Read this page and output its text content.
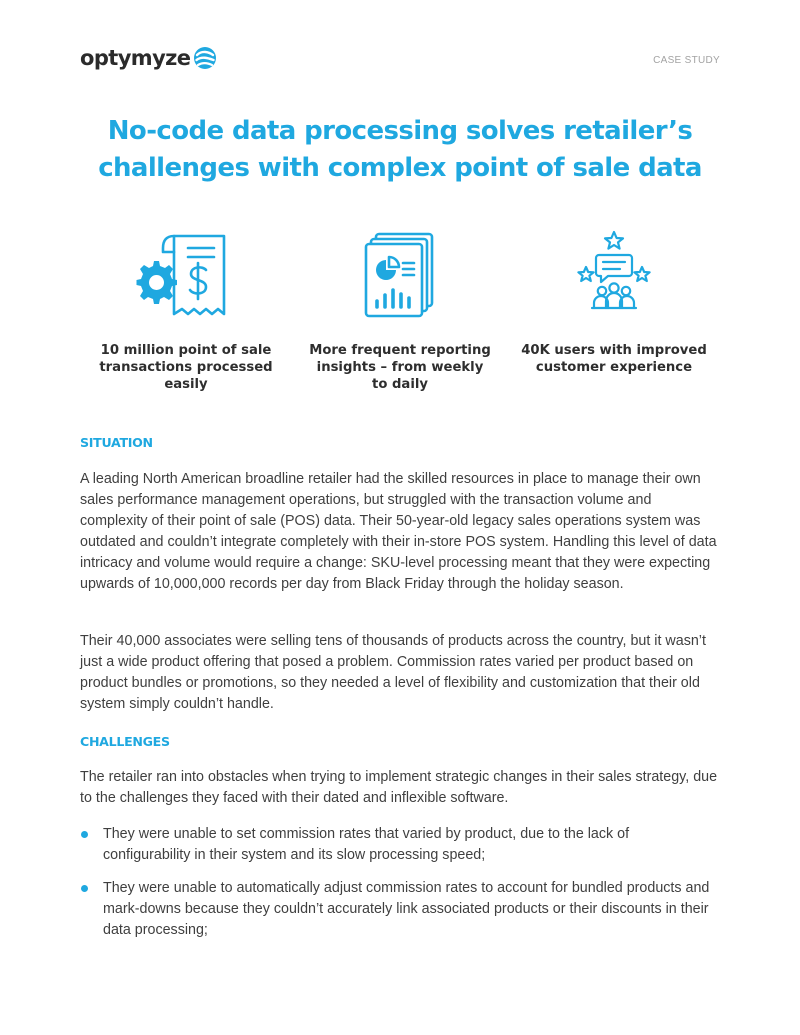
optymyze	CASE STUDY
No-code data processing solves retailer’s
challenges with complex point of sale data
10 million point of sale
transactions processed easily
More frequent reporting
insights – from weekly
to daily
40K users with improved
customer experience
SITUATION

A leading North American broadline retailer had the skilled resources in place to manage their own sales performance management operations, but struggled with the transaction volume and complexity of their point of sale (POS) data. Their 50-year-old legacy sales operations system was outdated and couldn’t integrate completely with their in-store POS system. Handling this level of data intricacy and volume would require a change: SKU-level processing meant that they were expecting upwards of 10,000,000 records per day from Black Friday through the holiday season.

Their 40,000 associates were selling tens of thousands of products across the country, but it wasn’t just a wide product offering that posed a problem. Commission rates varied per product based on product bundles or promotions, so they needed a level of flexibility and customization that their old system simply couldn’t handle.

CHALLENGES

The retailer ran into obstacles when trying to implement strategic changes in their sales strategy, due to the challenges they faced with their dated and inflexible software.

They were unable to set commission rates that varied by product, due to the lack of configurability in their system and its slow processing speed;
They were unable to automatically adjust commission rates to account for bundled products and mark-downs because they couldn’t accurately link associated products or their discounts in their data processing;
